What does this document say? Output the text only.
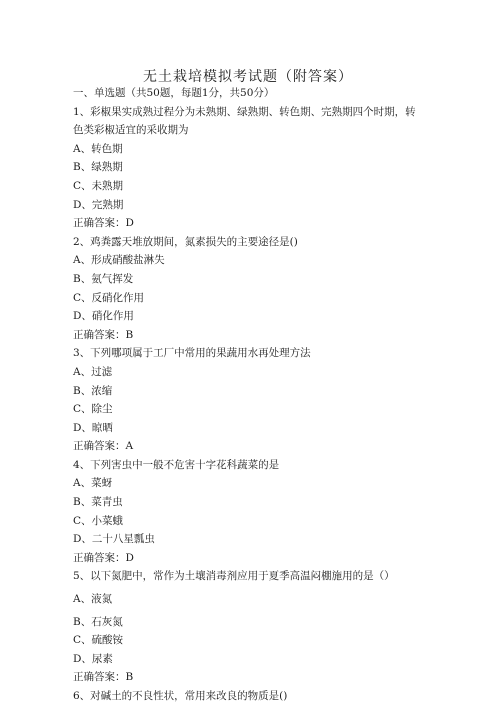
无土栽培模拟考试题（附答案）
一、单选题（共50题，每题1分，共50分）
1、彩椒果实成熟过程分为未熟期、绿熟期、转色期、完熟期四个时期，转色类彩椒适宜的采收期为
A、转色期
B、绿熟期
C、未熟期
D、完熟期
正确答案：D
2、鸡粪露天堆放期间，氮素损失的主要途径是()
A、形成硝酸盐淋失
B、氨气挥发
C、反硝化作用
D、硝化作用
正确答案：B
3、下列哪项属于工厂中常用的果蔬用水再处理方法
A、过滤
B、浓缩
C、除尘
D、晾晒
正确答案：A
4、下列害虫中一般不危害十字花科蔬菜的是
A、菜蚜
B、菜青虫
C、小菜蛾
D、二十八星瓢虫
正确答案：D
5、以下氮肥中，常作为土壤消毒剂应用于夏季高温闷棚施用的是（）
A、液氮
B、石灰氮
C、硫酸铵
D、尿素
正确答案：B
6、对碱土的不良性状，常用来改良的物质是()
